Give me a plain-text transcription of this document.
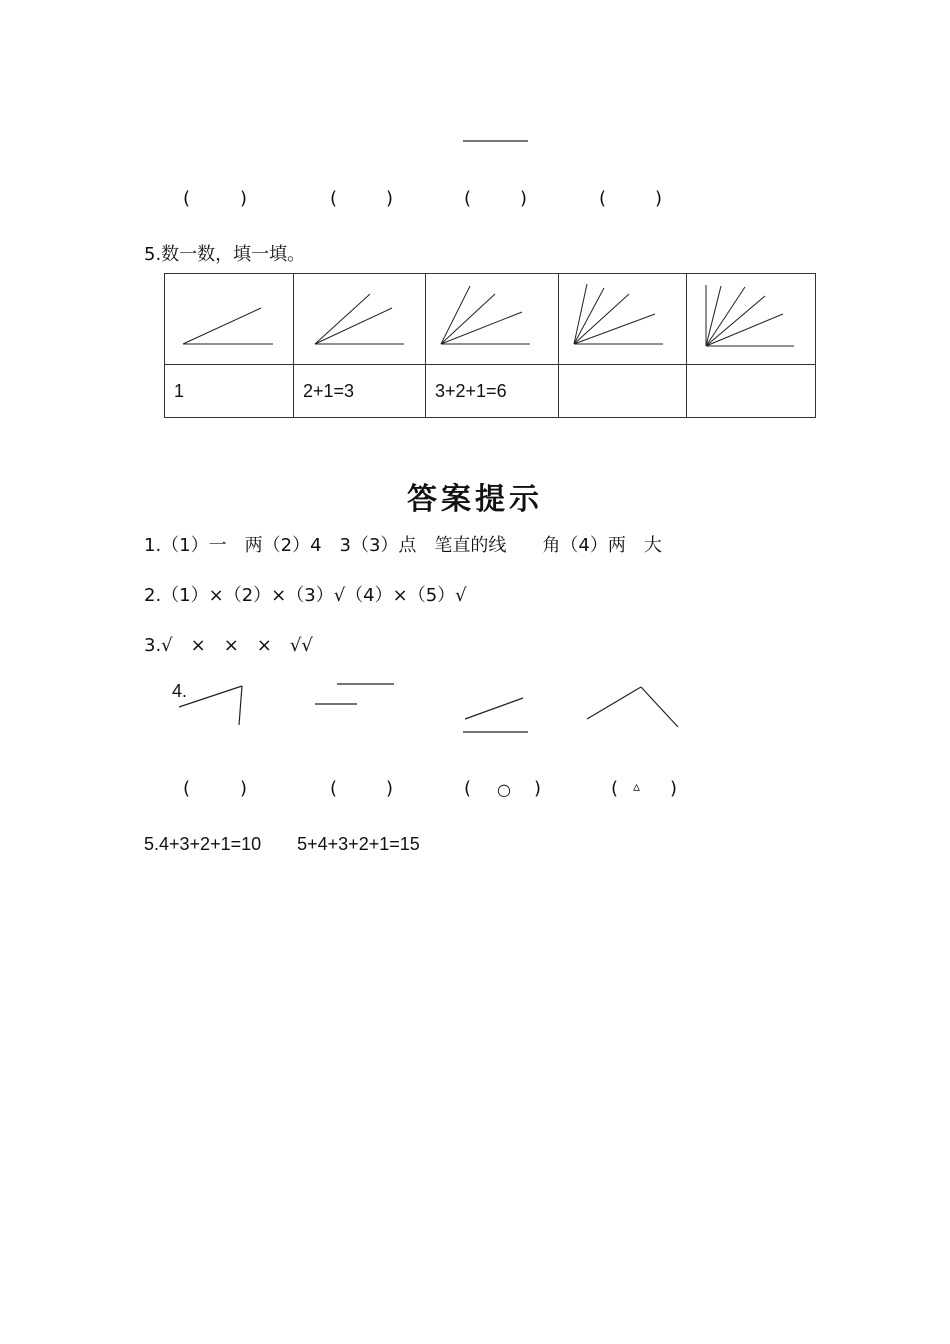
(	)	(	)	(	)	(	)
5.数一数，填一填。

1	2+1=3	3+2+1=6		
答案提示
1.（1）一　两（2）4　3（3）点　笔直的线　　角（4）两　大
2.（1）×（2）×（3）√（4）×（5）√
3.√　×　×　×　√√
4.
(	)	(	)	( ○ )	( ▵ )
5.4+3+2+1=10　　5+4+3+2+1=15
